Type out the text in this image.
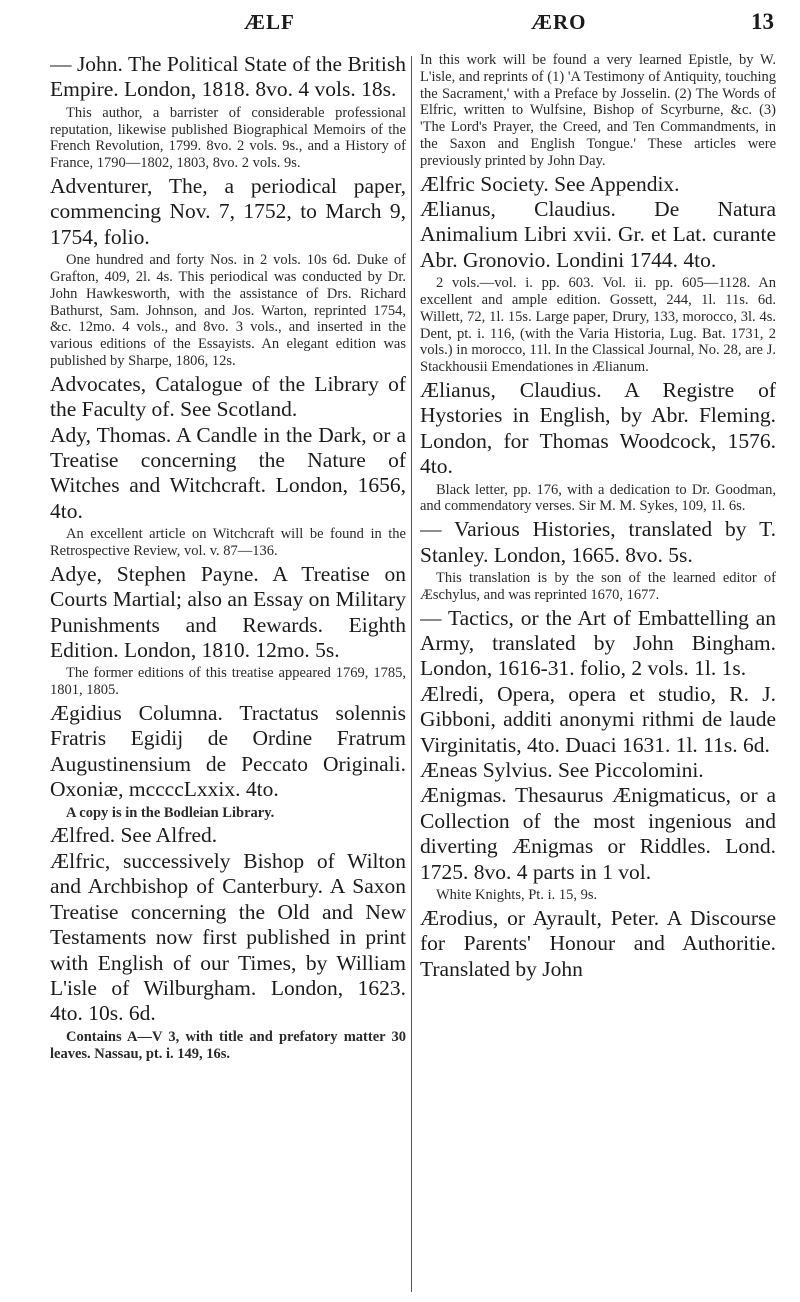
ÆLF	ÆRO	13

— John. The Political State of the British Empire. London, 1818. 8vo. 4 vols. 18s.

This author, a barrister of considerable professional reputation, likewise published Biographical Memoirs of the French Revolution, 1799. 8vo. 2 vols. 9s., and a History of France, 1790—1802, 1803, 8vo. 2 vols. 9s.

Adventurer, The, a periodical paper, commencing Nov. 7, 1752, to March 9, 1754, folio.

One hundred and forty Nos. in 2 vols. 10s 6d. Duke of Grafton, 409, 2l. 4s. This periodical was conducted by Dr. John Hawkesworth, with the assistance of Drs. Richard Bathurst, Sam. Johnson, and Jos. Warton, reprinted 1754, &c. 12mo. 4 vols., and 8vo. 3 vols., and inserted in the various editions of the Essayists. An elegant edition was published by Sharpe, 1806, 12s.

Advocates, Catalogue of the Library of the Faculty of. See Scotland.

Ady, Thomas. A Candle in the Dark, or a Treatise concerning the Nature of Witches and Witchcraft. London, 1656, 4to.

An excellent article on Witchcraft will be found in the Retrospective Review, vol. v. 87—136.

Adye, Stephen Payne. A Treatise on Courts Martial; also an Essay on Military Punishments and Rewards. Eighth Edition. London, 1810. 12mo. 5s.

The former editions of this treatise appeared 1769, 1785, 1801, 1805.

Ægidius Columna. Tractatus solennis Fratris Egidij de Ordine Fratrum Augustinensium de Peccato Originali. Oxoniæ, mccccLxxix. 4to.

A copy is in the Bodleian Library.

Ælfred. See Alfred.

Ælfric, successively Bishop of Wilton and Archbishop of Canterbury. A Saxon Treatise concerning the Old and New Testaments now first published in print with English of our Times, by William L'isle of Wilburgham. London, 1623. 4to. 10s. 6d.

Contains A—V 3, with title and prefatory matter 30 leaves. Nassau, pt. i. 149, 16s.

In this work will be found a very learned Epistle, by W. L'isle, and reprints of (1) 'A Testimony of Antiquity, touching the Sacrament,' with a Preface by Josselin. (2) The Words of Elfric, written to Wulfsine, Bishop of Scyrburne, &c. (3) 'The Lord's Prayer, the Creed, and Ten Commandments, in the Saxon and English Tongue.' These articles were previously printed by John Day.

Ælfric Society. See Appendix.

Ælianus, Claudius. De Natura Animalium Libri xvii. Gr. et Lat. curante Abr. Gronovio. Londini 1744. 4to.

2 vols.—vol. i. pp. 603. Vol. ii. pp. 605—1128. An excellent and ample edition. Gossett, 244, 1l. 11s. 6d. Willett, 72, 1l. 15s. Large paper, Drury, 133, morocco, 3l. 4s. Dent, pt. i. 116, (with the Varia Historia, Lug. Bat. 1731, 2 vols.) in morocco, 11l. In the Classical Journal, No. 28, are J. Stackhousii Emendationes in Ælianum.

Ælianus, Claudius. A Registre of Hystories in English, by Abr. Fleming. London, for Thomas Woodcock, 1576. 4to.

Black letter, pp. 176, with a dedication to Dr. Goodman, and commendatory verses. Sir M. M. Sykes, 109, 1l. 6s.

— Various Histories, translated by T. Stanley. London, 1665. 8vo. 5s.

This translation is by the son of the learned editor of Æschylus, and was reprinted 1670, 1677.

— Tactics, or the Art of Embattelling an Army, translated by John Bingham. London, 1616-31. folio, 2 vols. 1l. 1s.

Ælredi, Opera, opera et studio, R. J. Gibboni, additi anonymi rithmi de laude Virginitatis, 4to. Duaci 1631. 1l. 11s. 6d.

Æneas Sylvius. See Piccolomini.

Ænigmas. Thesaurus Ænigmaticus, or a Collection of the most ingenious and diverting Ænigmas or Riddles. Lond. 1725. 8vo. 4 parts in 1 vol.

White Knights, Pt. i. 15, 9s.

Ærodius, or Ayrault, Peter. A Discourse for Parents' Honour and Authoritie. Translated by John
